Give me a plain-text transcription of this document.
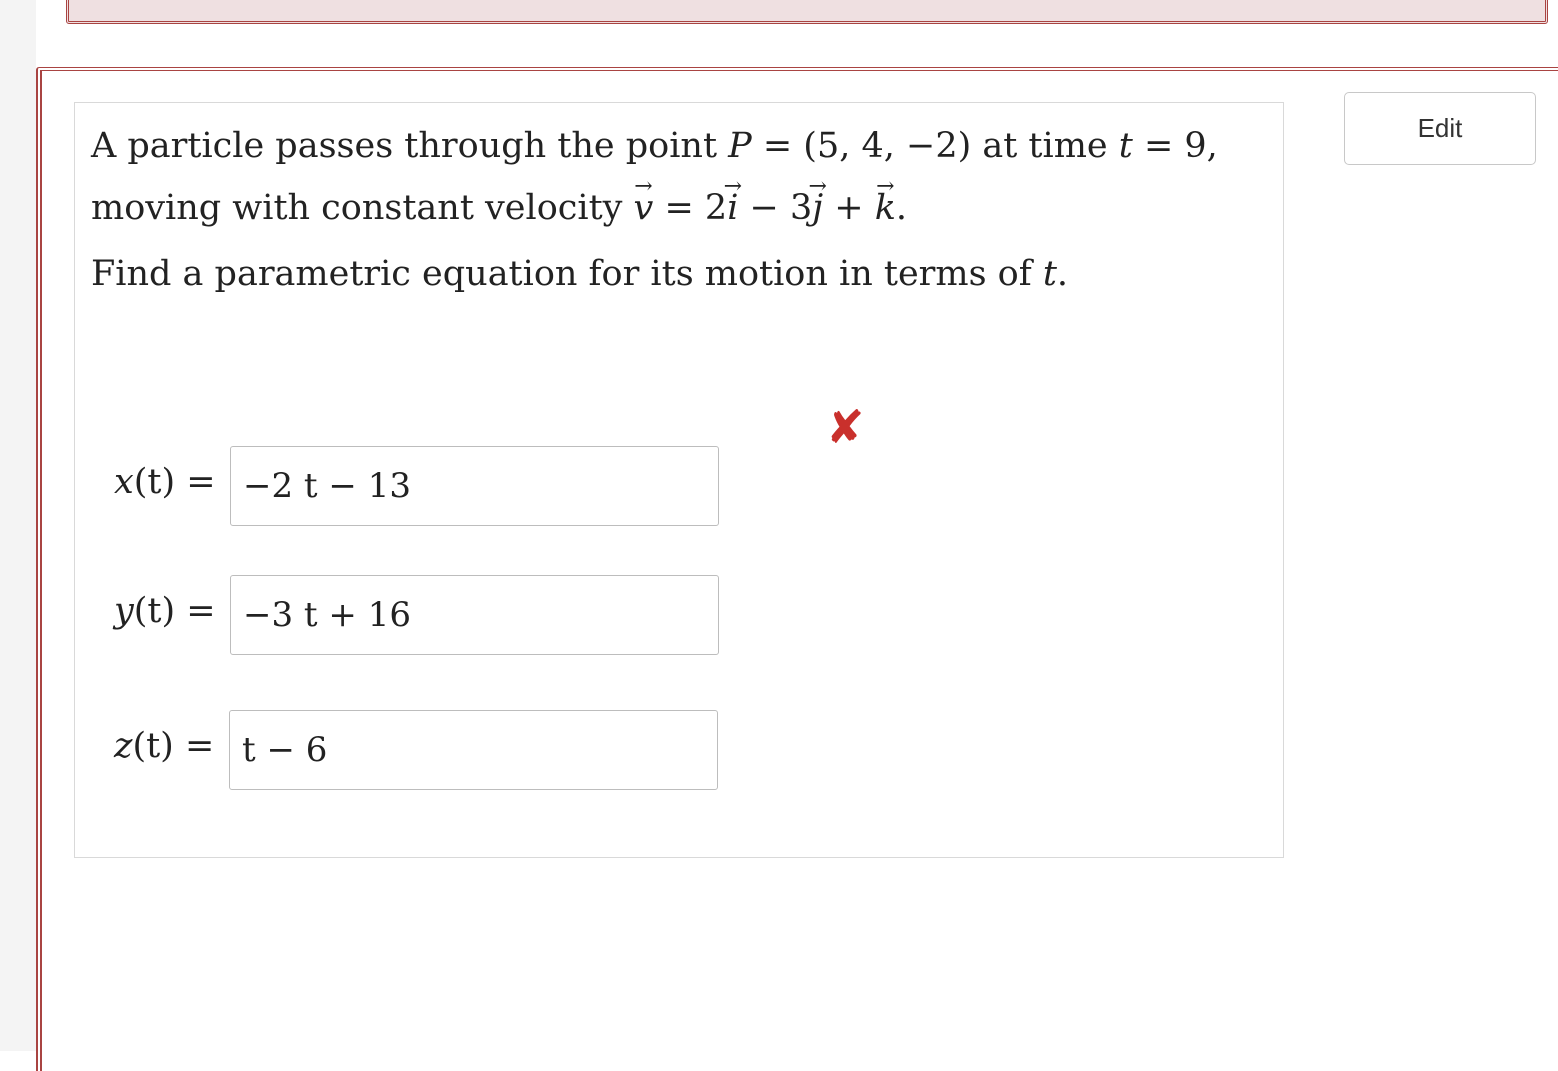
A particle passes through the point P = (5, 4, −2) at time t = 9,

moving with constant velocity → v = 2→ i − 3→ j + → k.

Find a parametric equation for its motion in terms of t.

Edit
✘
x(t) = −2 t − 13
y(t) = −3 t + 16
z(t) = t − 6
